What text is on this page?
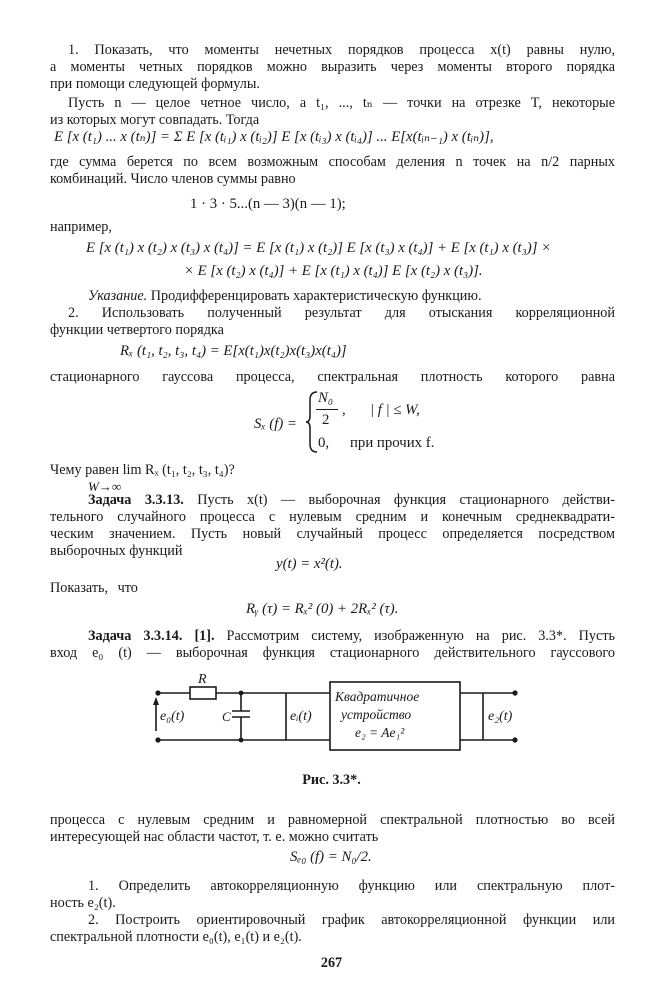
1. Показать, что моменты нечетных порядков процесса x(t) равны нулю,
а моменты четных порядков можно выразить через моменты второго порядка
при помощи следующей формулы.
Пусть n — целое четное число, а t₁, ..., tₙ — точки на отрезке T, некоторые
из которых могут совпадать. Тогда
E [x (t₁) ... x (tₙ)] = Σ E [x (tᵢ₁) x (tᵢ₂)] E [x (tᵢ₃) x (tᵢ₄)] ... E[x(tᵢₙ₋₁) x (tᵢₙ)],
где сумма берется по всем возможным способам деления n точек на n/2 парных
комбинаций. Число членов суммы равно
1 · 3 · 5...(n — 3)(n — 1);
например,
E [x (t₁) x (t₂) x (t₃) x (t₄)] = E [x (t₁) x (t₂)] E [x (t₃) x (t₄)] + E [x (t₁) x (t₃)] ×
× E [x (t₂) x (t₄)] + E [x (t₁) x (t₄)] E [x (t₂) x (t₃)].
Указание. Продифференцировать характеристическую функцию.
2. Использовать полученный результат для отыскания корреляционной
функции четвертого порядка
Rₓ (t₁, t₂, t₃, t₄) = E[x(t₁)x(t₂)x(t₃)x(t₄)]
стационарного гауссова процесса, спектральная плотность которого равна
Sₓ (f) =
N₀
2
, | f | ≤ W,
0, при прочих f.
Чему равен lim Rₓ (t₁, t₂, t₃, t₄)?
W→∞
Задача 3.3.13. Пусть x(t) — выборочная функция стационарного действи-
тельного случайного процесса с нулевым средним и конечным среднеквадрати-
ческим значением. Пусть новый случайный процесс определяется посредством
выборочных функций
y(t) = x²(t).
Показать, что
Rᵧ (τ) = Rₓ² (0) + 2Rₓ² (τ).
Задача 3.3.14. [1]. Рассмотрим систему, изображенную на рис. 3.3*. Пусть
вход e₀ (t) — выборочная функция стационарного действительного гауссового
R
C
e₀(t)	eᵢ(t)	e₂(t)
Квадратичное
устройство
e₂ = Ae₁²
Рис. 3.3*.
процесса с нулевым средним и равномерной спектральной плотностью во всей
интересующей нас области частот, т. е. можно считать
Sₑ₀ (f) = N₀/2.
1. Определить автокорреляционную функцию или спектральную плот-
ность e₂(t).
2. Построить ориентировочный график автокорреляционной функции или
спектральной плотности e₀(t), e₁(t) и e₂(t).
267
